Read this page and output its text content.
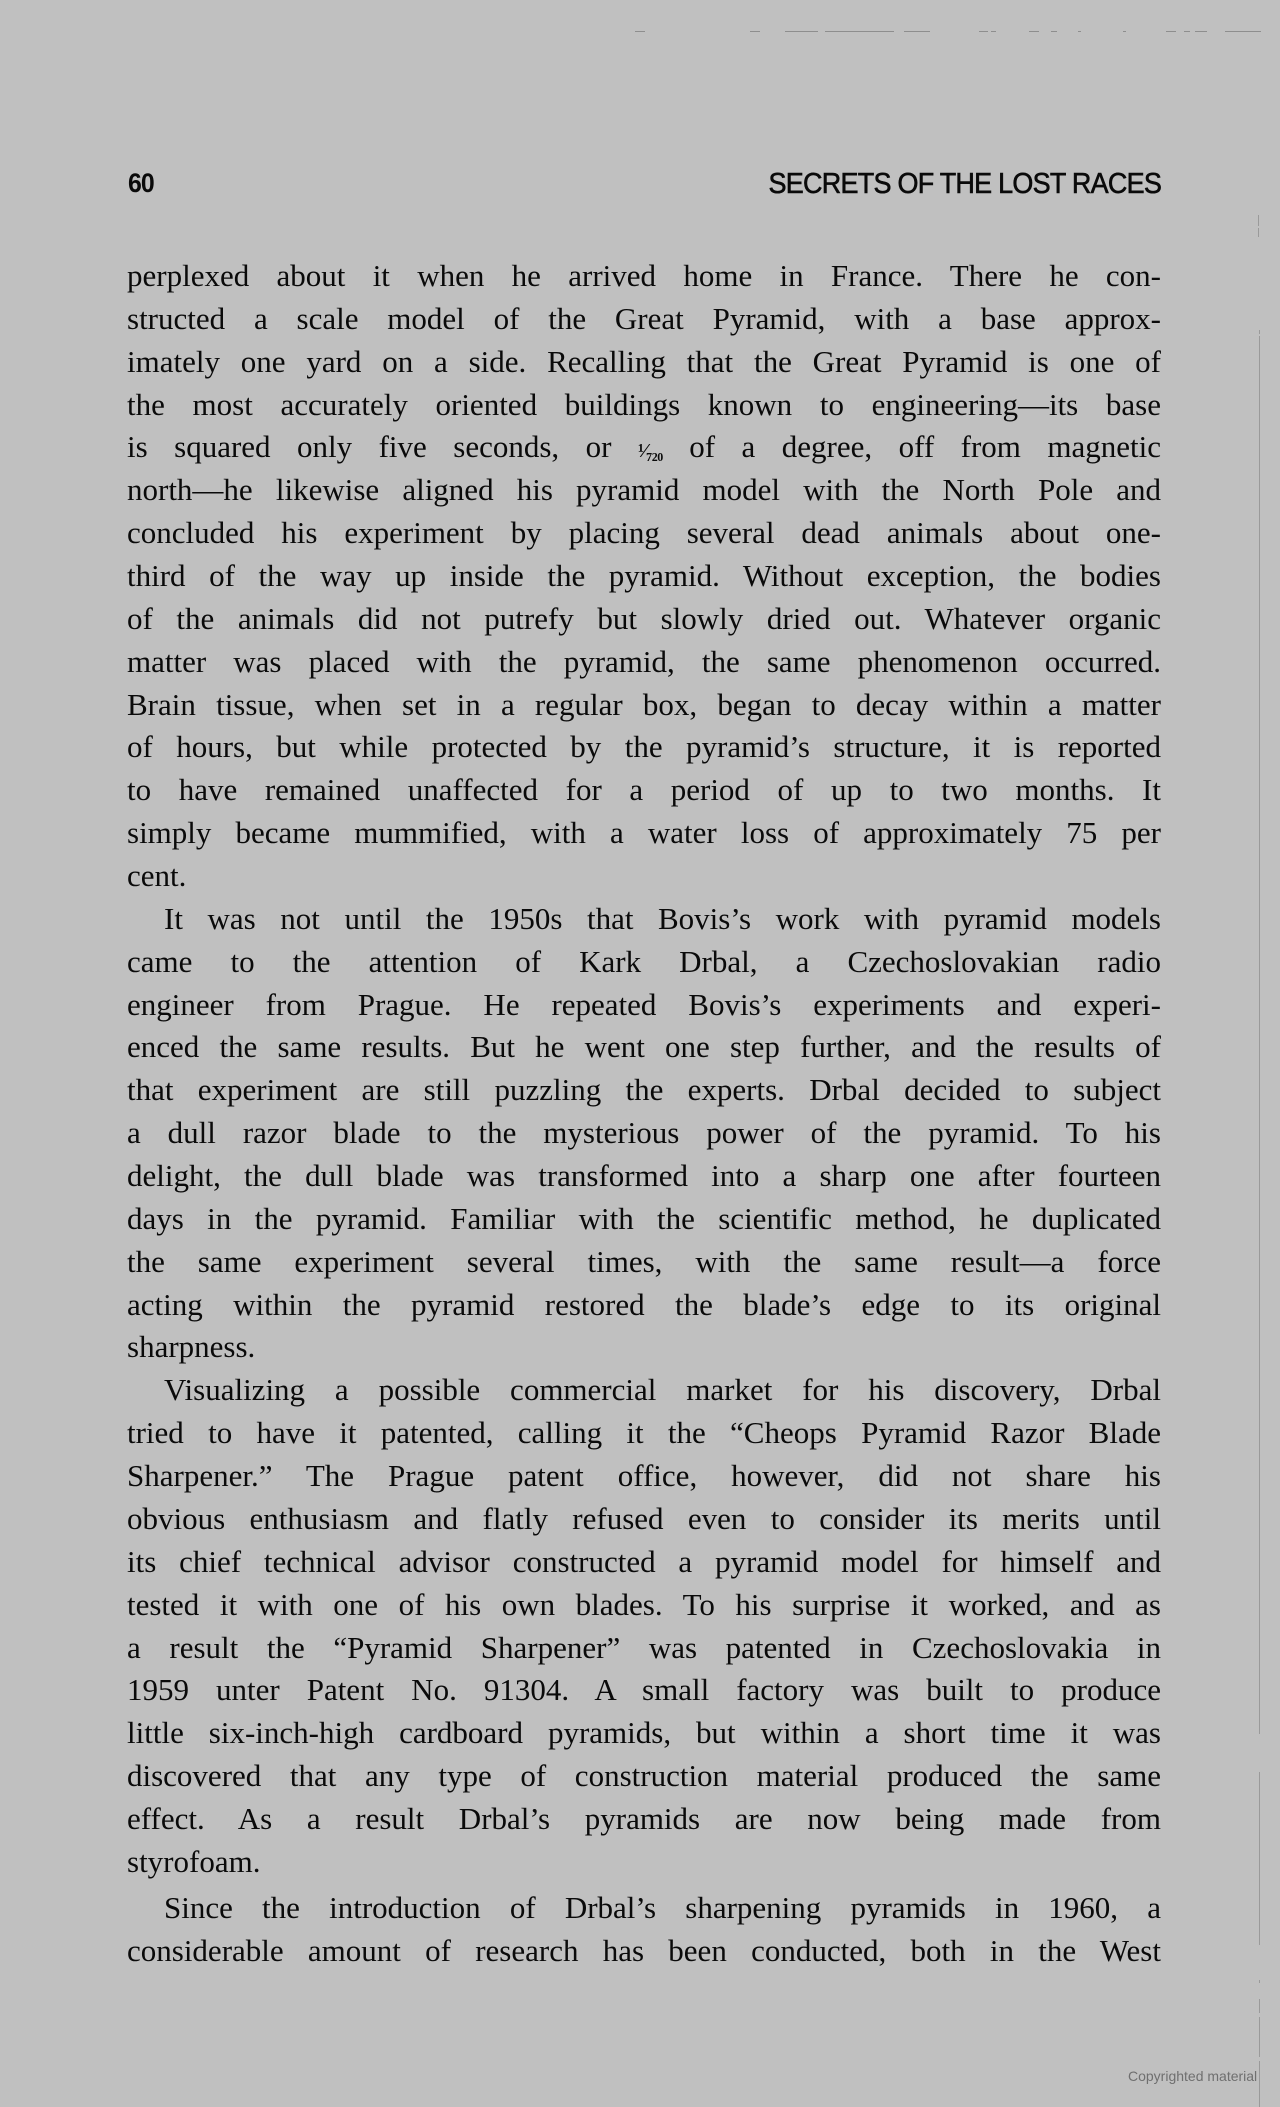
60	SECRETS OF THE LOST RACES
perplexed about it when he arrived home in France. There he con-
structed a scale model of the Great Pyramid, with a base approx-
imately one yard on a side. Recalling that the Great Pyramid is one of
the most accurately oriented buildings known to engineering—its base
is squared only five seconds, or ¹⁄₇₂₀ of a degree, off from magnetic
north—he likewise aligned his pyramid model with the North Pole and
concluded his experiment by placing several dead animals about one-
third of the way up inside the pyramid. Without exception, the bodies
of the animals did not putrefy but slowly dried out. Whatever organic
matter was placed with the pyramid, the same phenomenon occurred.
Brain tissue, when set in a regular box, began to decay within a matter
of hours, but while protected by the pyramid’s structure, it is reported
to have remained unaffected for a period of up to two months. It
simply became mummified, with a water loss of approximately 75 per
cent.
It was not until the 1950s that Bovis’s work with pyramid models
came to the attention of Kark Drbal, a Czechoslovakian radio
engineer from Prague. He repeated Bovis’s experiments and experi-
enced the same results. But he went one step further, and the results of
that experiment are still puzzling the experts. Drbal decided to subject
a dull razor blade to the mysterious power of the pyramid. To his
delight, the dull blade was transformed into a sharp one after fourteen
days in the pyramid. Familiar with the scientific method, he duplicated
the same experiment several times, with the same result—a force
acting within the pyramid restored the blade’s edge to its original
sharpness.
Visualizing a possible commercial market for his discovery, Drbal
tried to have it patented, calling it the “Cheops Pyramid Razor Blade
Sharpener.” The Prague patent office, however, did not share his
obvious enthusiasm and flatly refused even to consider its merits until
its chief technical advisor constructed a pyramid model for himself and
tested it with one of his own blades. To his surprise it worked, and as
a result the “Pyramid Sharpener” was patented in Czechoslovakia in
1959 unter Patent No. 91304. A small factory was built to produce
little six-inch-high cardboard pyramids, but within a short time it was
discovered that any type of construction material produced the same
effect. As a result Drbal’s pyramids are now being made from
styrofoam.
Since the introduction of Drbal’s sharpening pyramids in 1960, a
considerable amount of research has been conducted, both in the West
Copyrighted material
